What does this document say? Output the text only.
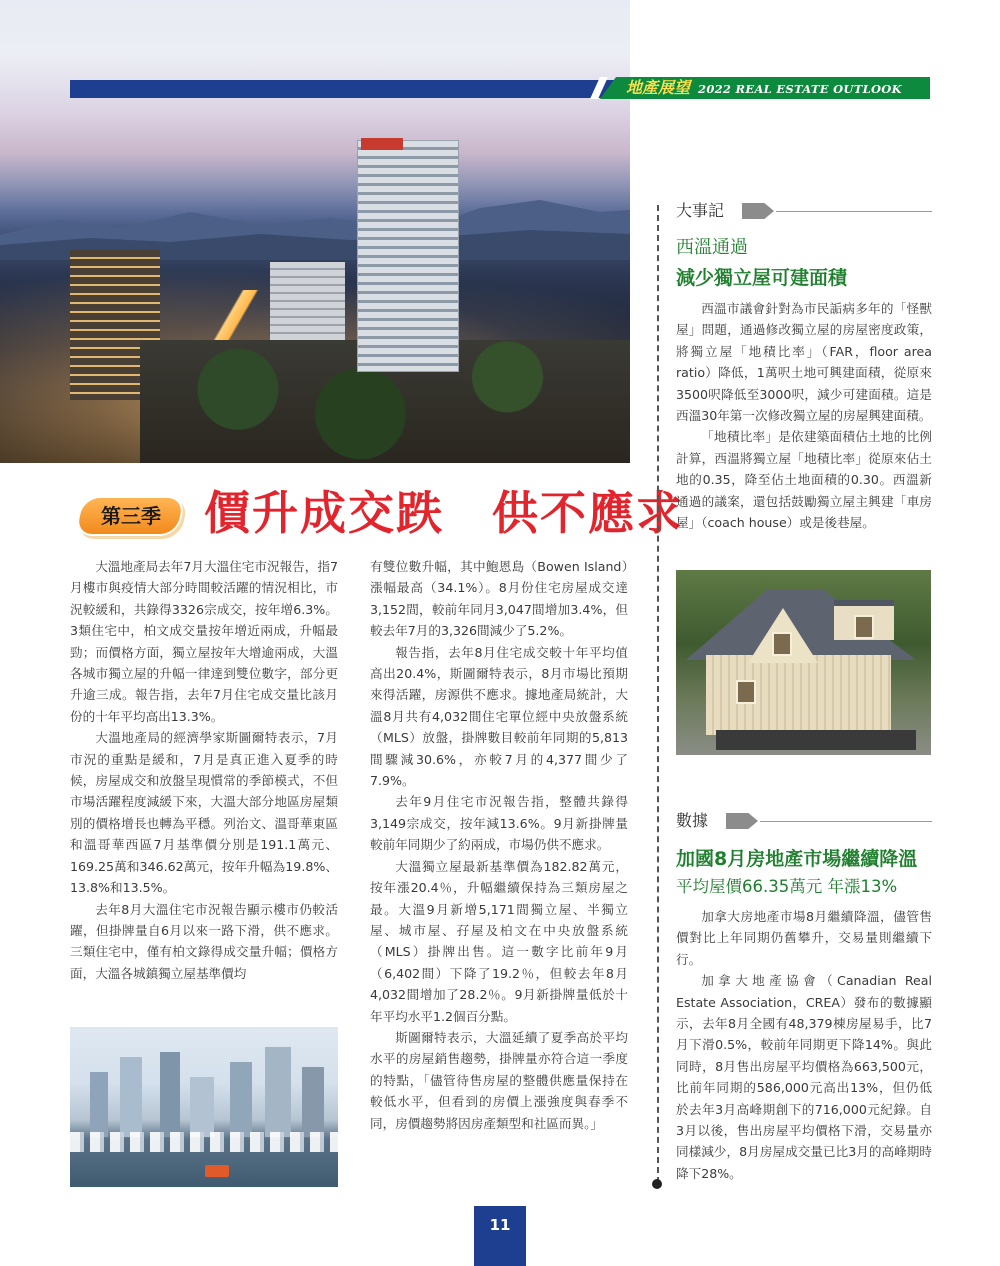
地產展望 2022 REAL ESTATE OUTLOOK
第三季 價升成交跌　供不應求

大溫地產局去年7月大溫住宅市況報告，指7月樓市與疫情大部分時間較活躍的情況相比，市況較緩和，共錄得3326宗成交，按年增6.3%。3類住宅中，柏文成交量按年增近兩成，升幅最勁；而價格方面，獨立屋按年大增逾兩成，大溫各城市獨立屋的升幅一律達到雙位數字，部分更升逾三成。報告指，去年7月住宅成交量比該月份的十年平均高出13.3%。

大溫地產局的經濟學家斯圖爾特表示，7月市況的重點是緩和，7月是真正進入夏季的時候，房屋成交和放盤呈現慣常的季節模式，不但市場活躍程度減緩下來，大溫大部分地區房屋類別的價格增長也轉為平穩。列治文、溫哥華東區和溫哥華西區7月基準價分別是191.1萬元、169.25萬和346.62萬元，按年升幅為19.8%、13.8%和13.5%。

去年8月大溫住宅市況報告顯示樓市仍較活躍，但掛牌量自6月以來一路下滑，供不應求。三類住宅中，僅有柏文錄得成交量升幅；價格方面，大溫各城鎮獨立屋基準價均

有雙位數升幅，其中鮑恩島（Bowen Island）漲幅最高（34.1%）。8月份住宅房屋成交達3,152間，較前年同月3,047間增加3.4%，但較去年7月的3,326間減少了5.2%。

報告指，去年8月住宅成交較十年平均值高出20.4%，斯圖爾特表示，8月市場比預期來得活躍，房源供不應求。據地產局統計，大溫8月共有4,032間住宅單位經中央放盤系統（MLS）放盤，掛牌數目較前年同期的5,813間驟減30.6%，亦較7月的4,377間少了7.9%。

去年9月住宅市況報告指，整體共錄得3,149宗成交，按年減13.6%。9月新掛牌量較前年同期少了約兩成，市場仍供不應求。

大溫獨立屋最新基準價為182.82萬元，按年漲20.4％，升幅繼續保持為三類房屋之最。大溫9月新增5,171間獨立屋、半獨立屋、城市屋、孖屋及柏文在中央放盤系統（MLS）掛牌出售。這一數字比前年9月（6,402間）下降了19.2％，但較去年8月4,032間增加了28.2％。9月新掛牌量低於十年平均水平1.2個百分點。

斯圖爾特表示，大溫延續了夏季高於平均水平的房屋銷售趨勢，掛牌量亦符合這一季度的特點，「儘管待售房屋的整體供應量保持在較低水平，但看到的房價上漲強度與春季不同，房價趨勢將因房產類型和社區而異。」

大事記
西溫通過
減少獨立屋可建面積

西溫市議會針對為市民詬病多年的「怪獸屋」問題，通過修改獨立屋的房屋密度政策，將獨立屋「地積比率」（FAR，floor area ratio）降低，1萬呎土地可興建面積，從原來3500呎降低至3000呎，減少可建面積。這是西溫30年第一次修改獨立屋的房屋興建面積。

「地積比率」是依建築面積佔土地的比例計算，西溫將獨立屋「地積比率」從原來佔土地的0.35，降至佔土地面積的0.30。西溫新通過的議案，還包括鼓勵獨立屋主興建「車房屋」（coach house）或是後巷屋。

數據
加國8月房地產市場繼續降溫
平均屋價66.35萬元 年漲13%

加拿大房地產市場8月繼續降溫，儘管售價對比上年同期仍舊攀升，交易量則繼續下行。

加拿大地產協會（Canadian Real Estate Association，CREA）發布的數據顯示，去年8月全國有48,379棟房屋易手，比7月下滑0.5%，較前年同期更下降14%。與此同時，8月售出房屋平均價格為663,500元，比前年同期的586,000元高出13%，但仍低於去年3月高峰期創下的716,000元紀錄。自3月以後，售出房屋平均價格下滑，交易量亦同樣減少，8月房屋成交量已比3月的高峰期時降下28%。

11
